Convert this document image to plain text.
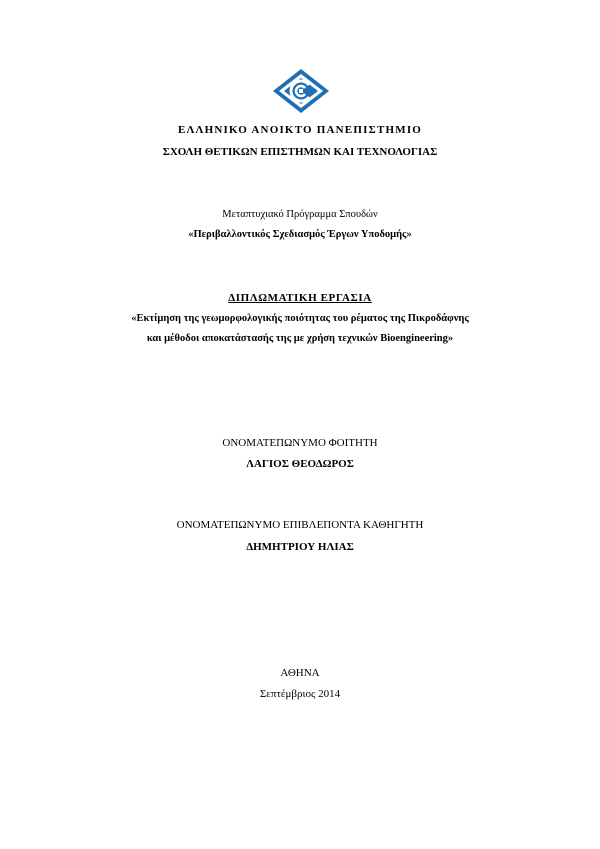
ΕΛΛΗΝΙΚΟ ΑΝΟΙΚΤΟ ΠΑΝΕΠΙΣΤΗΜΙΟ
ΣΧΟΛΗ ΘΕΤΙΚΩΝ ΕΠΙΣΤΗΜΩΝ ΚΑΙ ΤΕΧΝΟΛΟΓΙΑΣ
Μεταπτυχιακό Πρόγραμμα Σπουδών
«Περιβαλλοντικός Σχεδιασμός Έργων Υποδομής»
ΔΙΠΛΩΜΑΤΙΚΗ ΕΡΓΑΣΙΑ
«Εκτίμηση της γεωμορφολογικής ποιότητας του ρέματος της Πικροδάφνης
και μέθοδοι αποκατάστασής της με χρήση τεχνικών Bioengineering»
ΟΝΟΜΑΤΕΠΩΝΥΜΟ ΦΟΙΤΗΤΗ
ΛΑΓΙΟΣ ΘΕΟΔΩΡΟΣ
ΟΝΟΜΑΤΕΠΩΝΥΜΟ ΕΠΙΒΛΕΠΟΝΤΑ ΚΑΘΗΓΗΤΗ
ΔΗΜΗΤΡΙΟΥ ΗΛΙΑΣ
ΑΘΗΝΑ
Σεπτέμβριος 2014
